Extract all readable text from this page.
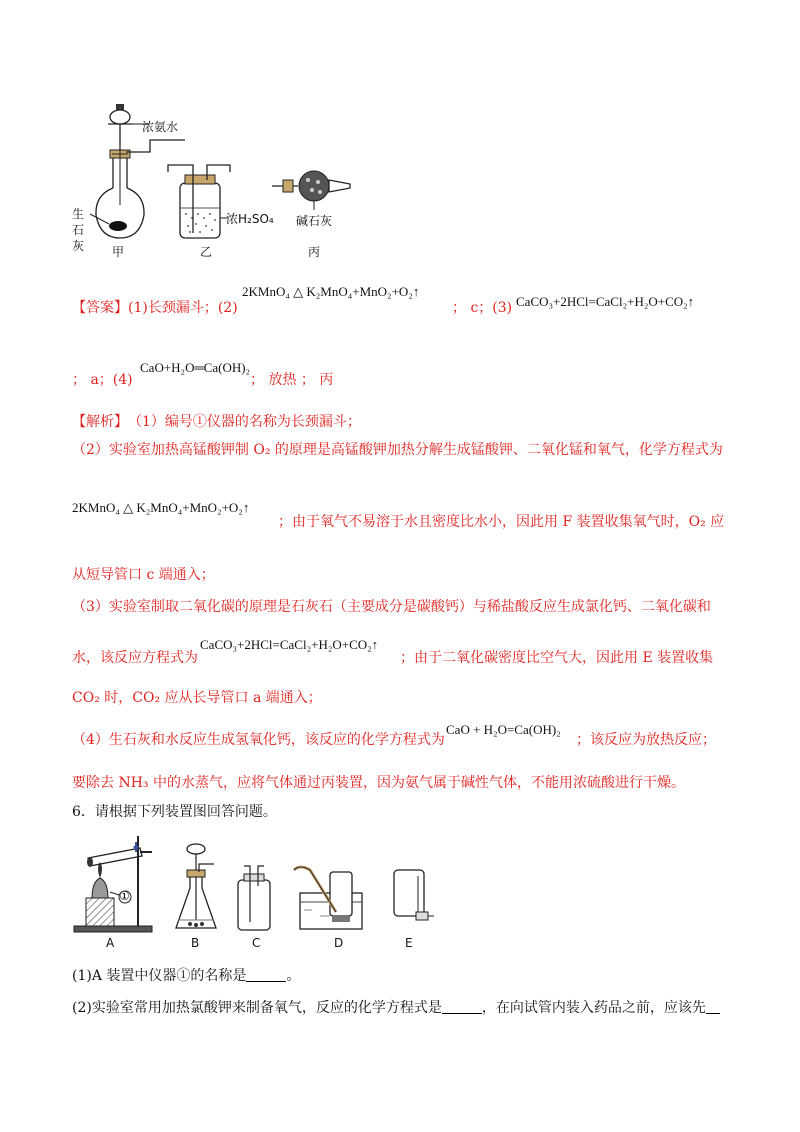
浓氨水
生
石
灰
浓H₂SO₄ 碱石灰
甲	乙	丙
【答案】 (1)长颈漏斗；(2)
2KMnO₄ △ K₂MnO₄+MnO₂+O₂↑
； c；(3) CaCO₃+2HCl=CaCl₂+H₂O+CO₂↑
； a；(4)
CaO+H₂O═Ca(OH)₂
； 放热 ； 丙
【解析】 （1）编号①仪器的名称为长颈漏斗；
（2）实验室加热高锰酸钾制 O₂ 的原理是高锰酸钾加热分解生成锰酸钾、二氧化锰和氧气，化学方程式为
2KMnO₄ △ K₂MnO₄+MnO₂+O₂↑
；由于氧气不易溶于水且密度比水小，因此用 F 装置收集氧气时，O₂ 应
从短导管口 c 端通入；
（3）实验室制取二氧化碳的原理是石灰石（主要成分是碳酸钙）与稀盐酸反应生成氯化钙、二氧化碳和
水，该反应方程式为
CaCO₃+2HCl=CaCl₂+H₂O+CO₂↑
；由于二氧化碳密度比空气大，因此用 E 装置收集
CO₂ 时，CO₂ 应从长导管口 a 端通入；
（4）生石灰和水反应生成氢氧化钙，该反应的化学方程式为
CaO + H₂O=Ca(OH)₂
；该反应为放热反应；
要除去 NH₃ 中的水蒸气，应将气体通过丙装置，因为氨气属于碱性气体，不能用浓硫酸进行干燥。
6．请根据下列装置图回答问题。
①
A	B	C	D	E
(1)A 装置中仪器①的名称是	。
(2)实验室常用加热氯酸钾来制备氧气，反应的化学方程式是	，在向试管内装入药品之前，应该先
